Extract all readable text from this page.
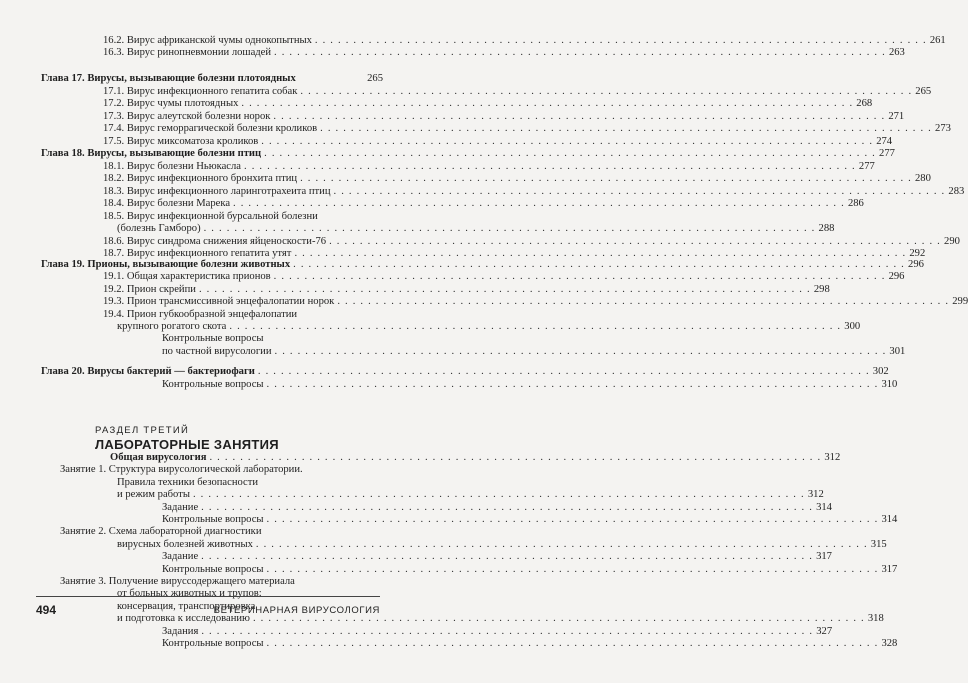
16.2. Вирус африканской чумы однокопытных . . . . . . . . . . . . . . . . . . . . . . . . . . . . . . . . . . . . . . . . . . . . . . . . . . . . . . . . . . . . . . . . . . . . . . . . . . . . . . . . 261
16.3. Вирус ринопневмонии лошадей . . . . . . . . . . . . . . . . . . . . . . . . . . . . . . . . . . . . . . . . . . . . . . . . . . . . . . . . . . . . . . . . . . . . . . . . . . . . . . . . 263
Глава 17. Вирусы, вызывающие болезни плотоядных	265
17.1. Вирус инфекционного гепатита собак . . . . . . . . . . . . . . . . . . . . . . . . . . . . . . . . . . . . . . . . . . . . . . . . . . . . . . . . . . . . . . . . . . . . . . . . . . . . . . . . 265
17.2. Вирус чумы плотоядных . . . . . . . . . . . . . . . . . . . . . . . . . . . . . . . . . . . . . . . . . . . . . . . . . . . . . . . . . . . . . . . . . . . . . . . . . . . . . . . . 268
17.3. Вирус алеутской болезни норок . . . . . . . . . . . . . . . . . . . . . . . . . . . . . . . . . . . . . . . . . . . . . . . . . . . . . . . . . . . . . . . . . . . . . . . . . . . . . . . . 271
17.4. Вирус геморрагической болезни кроликов . . . . . . . . . . . . . . . . . . . . . . . . . . . . . . . . . . . . . . . . . . . . . . . . . . . . . . . . . . . . . . . . . . . . . . . . . . . . . . . . 273
17.5. Вирус миксоматоза кроликов . . . . . . . . . . . . . . . . . . . . . . . . . . . . . . . . . . . . . . . . . . . . . . . . . . . . . . . . . . . . . . . . . . . . . . . . . . . . . . . . 274
Глава 18. Вирусы, вызывающие болезни птиц . . . . . . . . . . . . . . . . . . . . . . . . . . . . . . . . . . . . . . . . . . . . . . . . . . . . . . . . . . . . . . . . . . . . . . . . . . . . . . . . 277
18.1. Вирус болезни Ньюкасла . . . . . . . . . . . . . . . . . . . . . . . . . . . . . . . . . . . . . . . . . . . . . . . . . . . . . . . . . . . . . . . . . . . . . . . . . . . . . . . . 277
18.2. Вирус инфекционного бронхита птиц . . . . . . . . . . . . . . . . . . . . . . . . . . . . . . . . . . . . . . . . . . . . . . . . . . . . . . . . . . . . . . . . . . . . . . . . . . . . . . . . 280
18.3. Вирус инфекционного ларинготрахеита птиц . . . . . . . . . . . . . . . . . . . . . . . . . . . . . . . . . . . . . . . . . . . . . . . . . . . . . . . . . . . . . . . . . . . . . . . . . . . . . . . . 283
18.4. Вирус болезни Марека . . . . . . . . . . . . . . . . . . . . . . . . . . . . . . . . . . . . . . . . . . . . . . . . . . . . . . . . . . . . . . . . . . . . . . . . . . . . . . . . 286
18.5. Вирус инфекционной бурсальной болезни
(болезнь Гамборо) . . . . . . . . . . . . . . . . . . . . . . . . . . . . . . . . . . . . . . . . . . . . . . . . . . . . . . . . . . . . . . . . . . . . . . . . . . . . . . . . 288
18.6. Вирус синдрома снижения яйценоскости-76 . . . . . . . . . . . . . . . . . . . . . . . . . . . . . . . . . . . . . . . . . . . . . . . . . . . . . . . . . . . . . . . . . . . . . . . . . . . . . . . . 290
18.7. Вирус инфекционного гепатита утят . . . . . . . . . . . . . . . . . . . . . . . . . . . . . . . . . . . . . . . . . . . . . . . . . . . . . . . . . . . . . . . . . . . . . . . . . . . . . . . . 292
Глава 19. Прионы, вызывающие болезни животных . . . . . . . . . . . . . . . . . . . . . . . . . . . . . . . . . . . . . . . . . . . . . . . . . . . . . . . . . . . . . . . . . . . . . . . . . . . . . . . . 296
19.1. Общая характеристика прионов . . . . . . . . . . . . . . . . . . . . . . . . . . . . . . . . . . . . . . . . . . . . . . . . . . . . . . . . . . . . . . . . . . . . . . . . . . . . . . . . 296
19.2. Прион скрейпи . . . . . . . . . . . . . . . . . . . . . . . . . . . . . . . . . . . . . . . . . . . . . . . . . . . . . . . . . . . . . . . . . . . . . . . . . . . . . . . . 298
19.3. Прион трансмиссивной энцефалопатии норок . . . . . . . . . . . . . . . . . . . . . . . . . . . . . . . . . . . . . . . . . . . . . . . . . . . . . . . . . . . . . . . . . . . . . . . . . . . . . . . . 299
19.4. Прион губкообразной энцефалопатии
крупного рогатого скота . . . . . . . . . . . . . . . . . . . . . . . . . . . . . . . . . . . . . . . . . . . . . . . . . . . . . . . . . . . . . . . . . . . . . . . . . . . . . . . . 300
Контрольные вопросы
по частной вирусологии . . . . . . . . . . . . . . . . . . . . . . . . . . . . . . . . . . . . . . . . . . . . . . . . . . . . . . . . . . . . . . . . . . . . . . . . . . . . . . . . 301
Глава 20. Вирусы бактерий — бактериофаги . . . . . . . . . . . . . . . . . . . . . . . . . . . . . . . . . . . . . . . . . . . . . . . . . . . . . . . . . . . . . . . . . . . . . . . . . . . . . . . . 302
Контрольные вопросы . . . . . . . . . . . . . . . . . . . . . . . . . . . . . . . . . . . . . . . . . . . . . . . . . . . . . . . . . . . . . . . . . . . . . . . . . . . . . . . . 310
Общая вирусология . . . . . . . . . . . . . . . . . . . . . . . . . . . . . . . . . . . . . . . . . . . . . . . . . . . . . . . . . . . . . . . . . . . . . . . . . . . . . . . . 312
Занятие 1. Структура вирусологической лаборатории.
Правила техники безопасности
и режим работы . . . . . . . . . . . . . . . . . . . . . . . . . . . . . . . . . . . . . . . . . . . . . . . . . . . . . . . . . . . . . . . . . . . . . . . . . . . . . . . . 312
Задание . . . . . . . . . . . . . . . . . . . . . . . . . . . . . . . . . . . . . . . . . . . . . . . . . . . . . . . . . . . . . . . . . . . . . . . . . . . . . . . . 314
Контрольные вопросы . . . . . . . . . . . . . . . . . . . . . . . . . . . . . . . . . . . . . . . . . . . . . . . . . . . . . . . . . . . . . . . . . . . . . . . . . . . . . . . . 314
Занятие 2. Схема лабораторной диагностики
вирусных болезней животных . . . . . . . . . . . . . . . . . . . . . . . . . . . . . . . . . . . . . . . . . . . . . . . . . . . . . . . . . . . . . . . . . . . . . . . . . . . . . . . . 315
Задание . . . . . . . . . . . . . . . . . . . . . . . . . . . . . . . . . . . . . . . . . . . . . . . . . . . . . . . . . . . . . . . . . . . . . . . . . . . . . . . . 317
Контрольные вопросы . . . . . . . . . . . . . . . . . . . . . . . . . . . . . . . . . . . . . . . . . . . . . . . . . . . . . . . . . . . . . . . . . . . . . . . . . . . . . . . . 317
Занятие 3. Получение вируссодержащего материала
от больных животных и трупов:
консервация, транспортировка
и подготовка к исследованию . . . . . . . . . . . . . . . . . . . . . . . . . . . . . . . . . . . . . . . . . . . . . . . . . . . . . . . . . . . . . . . . . . . . . . . . . . . . . . . . 318
Задания . . . . . . . . . . . . . . . . . . . . . . . . . . . . . . . . . . . . . . . . . . . . . . . . . . . . . . . . . . . . . . . . . . . . . . . . . . . . . . . . 327
Контрольные вопросы . . . . . . . . . . . . . . . . . . . . . . . . . . . . . . . . . . . . . . . . . . . . . . . . . . . . . . . . . . . . . . . . . . . . . . . . . . . . . . . . 328
РАЗДЕЛ ТРЕТИЙ
ЛАБОРАТОРНЫЕ ЗАНЯТИЯ
494	ВЕТЕРИНАРНАЯ ВИРУСОЛОГИЯ
